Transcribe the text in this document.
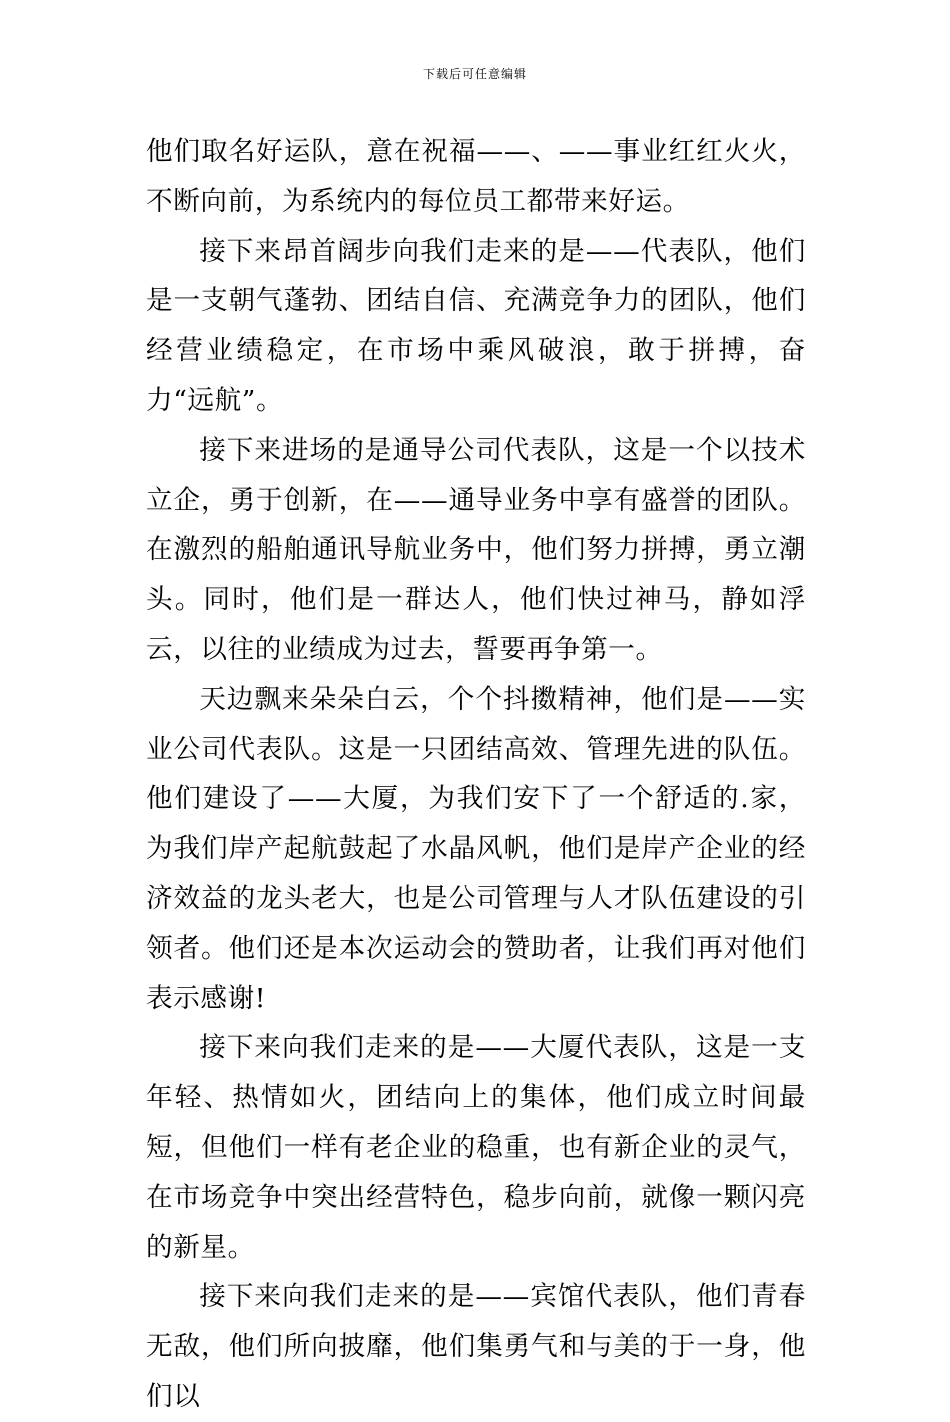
下载后可任意编辑

他们取名好运队，意在祝福——、——事业红红火火，不断向前，为系统内的每位员工都带来好运。

接下来昂首阔步向我们走来的是——代表队，他们是一支朝气蓬勃、团结自信、充满竞争力的团队，他们经营业绩稳定，在市场中乘风破浪，敢于拼搏，奋力“远航”。

接下来进场的是通导公司代表队，这是一个以技术立企，勇于创新，在——通导业务中享有盛誉的团队。在激烈的船舶通讯导航业务中，他们努力拼搏，勇立潮头。同时，他们是一群达人，他们快过神马，静如浮云，以往的业绩成为过去，誓要再争第一。

天边飘来朵朵白云，个个抖擞精神，他们是——实业公司代表队。这是一只团结高效、管理先进的队伍。他们建设了——大厦，为我们安下了一个舒适的.家，为我们岸产起航鼓起了水晶风帆，他们是岸产企业的经济效益的龙头老大，也是公司管理与人才队伍建设的引领者。他们还是本次运动会的赞助者，让我们再对他们表示感谢!

接下来向我们走来的是——大厦代表队，这是一支年轻、热情如火，团结向上的集体，他们成立时间最短，但他们一样有老企业的稳重，也有新企业的灵气，在市场竞争中突出经营特色，稳步向前，就像一颗闪亮的新星。

接下来向我们走来的是——宾馆代表队，他们青春无敌，他们所向披靡，他们集勇气和与美的于一身，他们以
